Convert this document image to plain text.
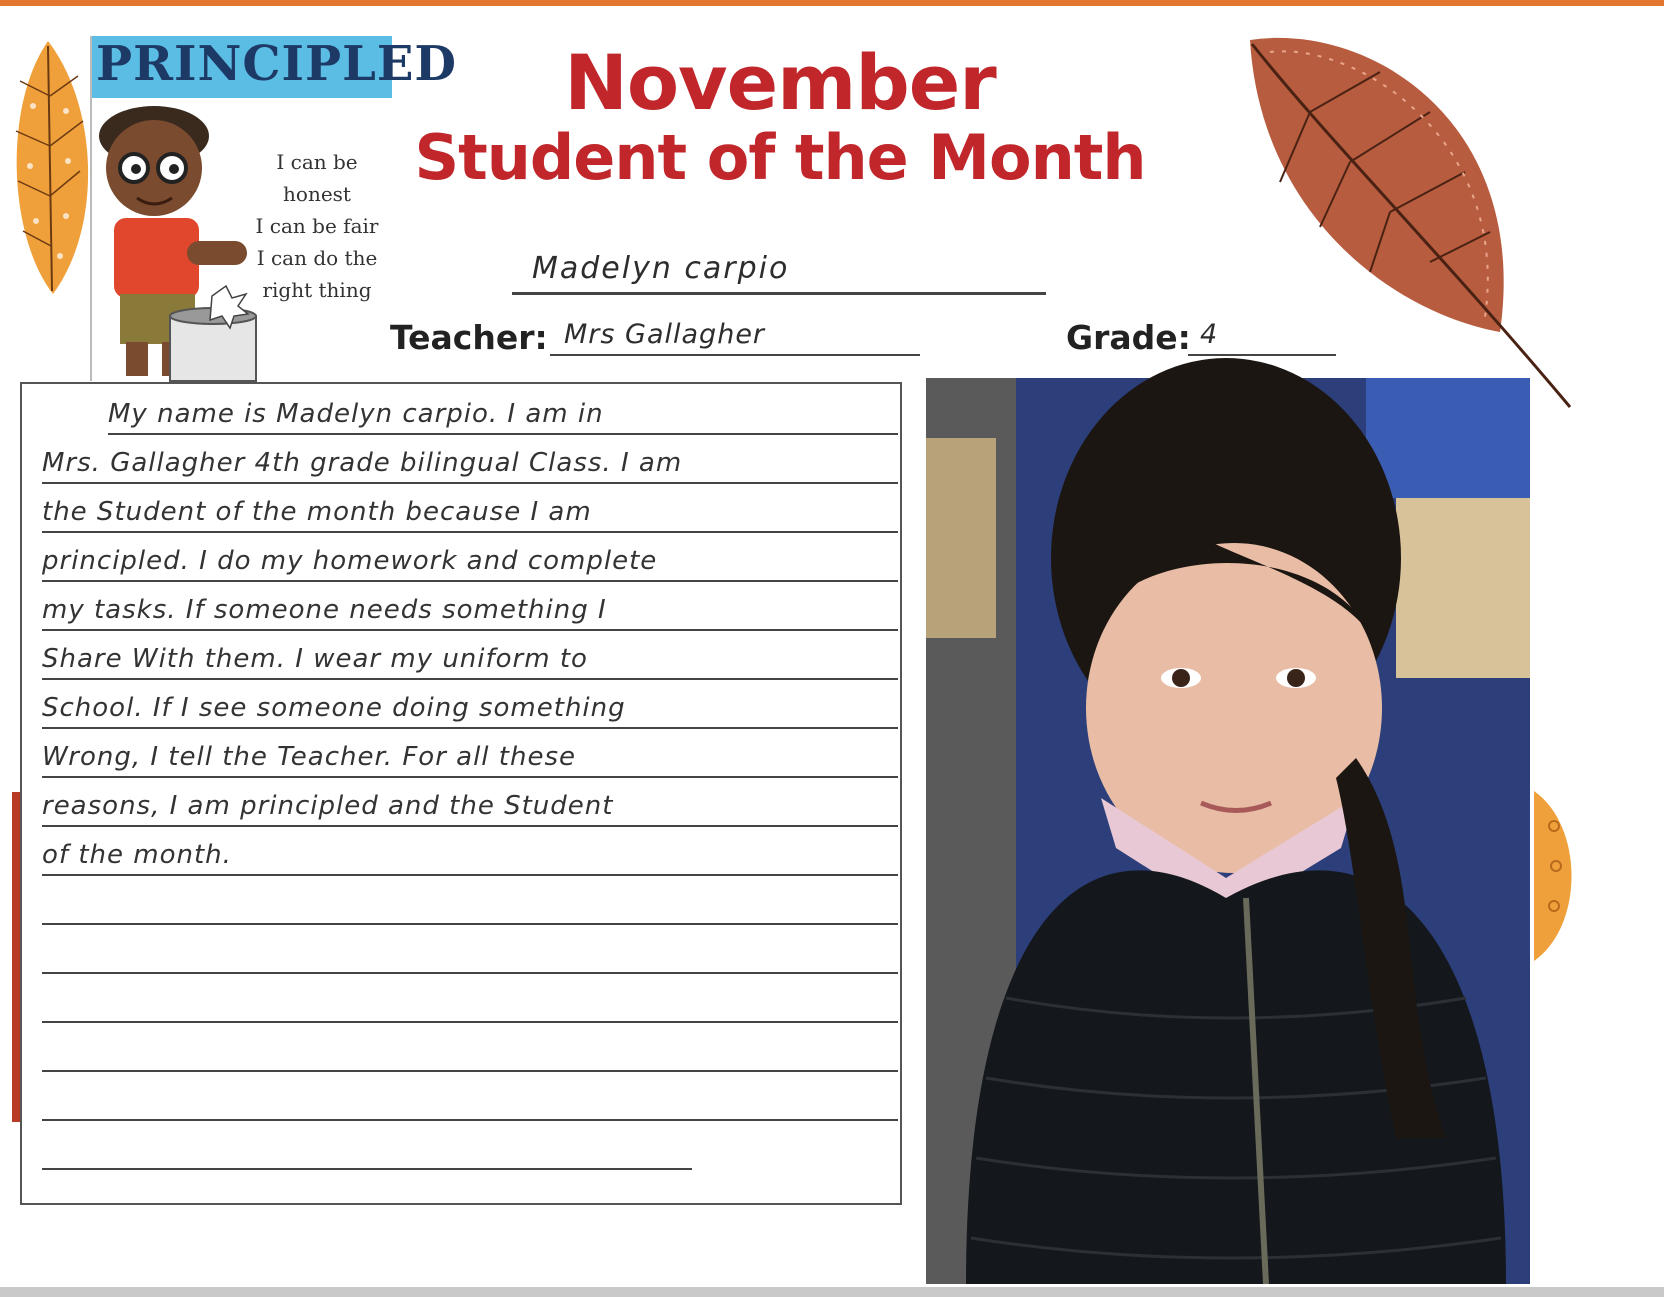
PRINCIPLED
I can be
honest
I can be fair
I can do the
right thing
November
Student of the Month
Madelyn carpio
Teacher: Mrs Gallagher	Grade: 4
My name is Madelyn carpio. I am in
Mrs. Gallagher 4th grade bilingual Class. I am
the Student of the month because I am
principled. I do my homework and complete
my tasks. If someone needs something I
Share With them. I wear my uniform to
School. If I see someone doing something
Wrong, I tell the Teacher. For all these
reasons, I am principled and the Student
of the month.
